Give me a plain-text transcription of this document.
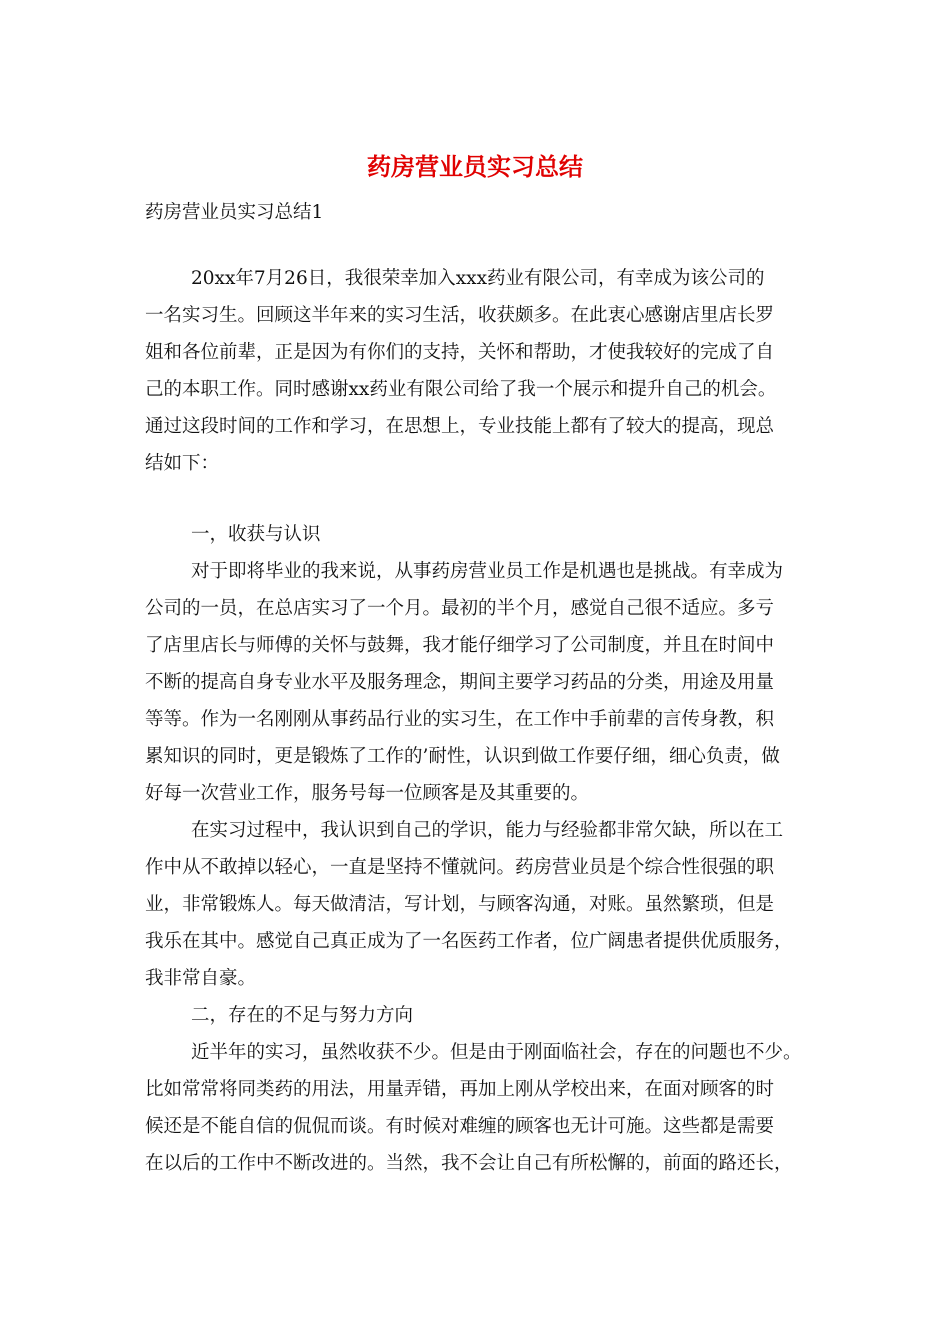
药房营业员实习总结
药房营业员实习总结1
20xx年7月26日，我很荣幸加入xxx药业有限公司，有幸成为该公司的
一名实习生。回顾这半年来的实习生活，收获颇多。在此衷心感谢店里店长罗
姐和各位前辈，正是因为有你们的支持，关怀和帮助，才使我较好的完成了自
己的本职工作。同时感谢xx药业有限公司给了我一个展示和提升自己的机会。
通过这段时间的工作和学习，在思想上，专业技能上都有了较大的提高，现总
结如下：
一，收获与认识
对于即将毕业的我来说，从事药房营业员工作是机遇也是挑战。有幸成为
公司的一员，在总店实习了一个月。最初的半个月，感觉自己很不适应。多亏
了店里店长与师傅的关怀与鼓舞，我才能仔细学习了公司制度，并且在时间中
不断的提高自身专业水平及服务理念，期间主要学习药品的分类，用途及用量
等等。作为一名刚刚从事药品行业的实习生，在工作中手前辈的言传身教，积
累知识的同时，更是锻炼了工作的’耐性，认识到做工作要仔细，细心负责，做
好每一次营业工作，服务号每一位顾客是及其重要的。
在实习过程中，我认识到自己的学识，能力与经验都非常欠缺，所以在工
作中从不敢掉以轻心，一直是坚持不懂就问。药房营业员是个综合性很强的职
业，非常锻炼人。每天做清洁，写计划，与顾客沟通，对账。虽然繁琐，但是
我乐在其中。感觉自己真正成为了一名医药工作者，位广阔患者提供优质服务，
我非常自豪。
二，存在的不足与努力方向
近半年的实习，虽然收获不少。但是由于刚面临社会，存在的问题也不少。
比如常常将同类药的用法，用量弄错，再加上刚从学校出来，在面对顾客的时
候还是不能自信的侃侃而谈。有时候对难缠的顾客也无计可施。这些都是需要
在以后的工作中不断改进的。当然，我不会让自己有所松懈的，前面的路还长，
